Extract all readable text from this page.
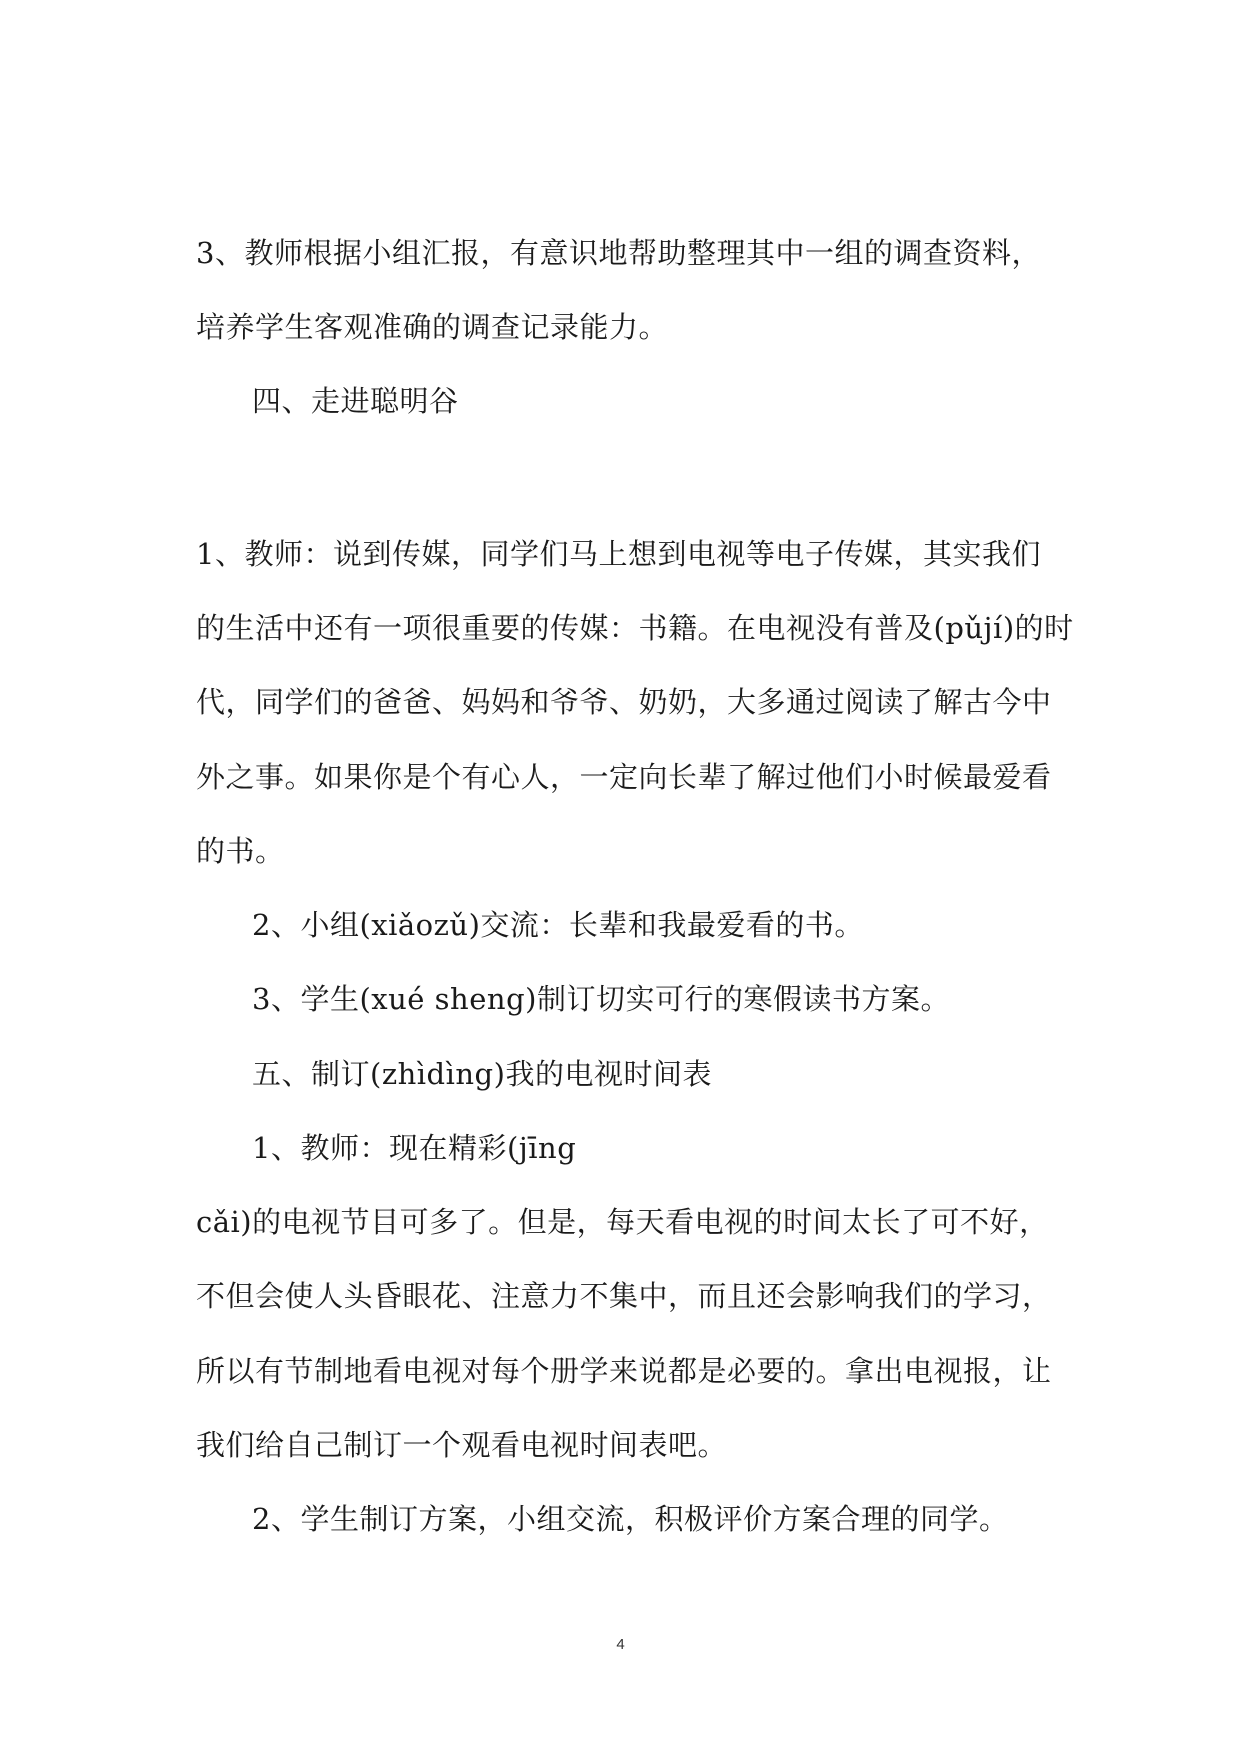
3、教师根据小组汇报，有意识地帮助整理其中一组的调查资料，
培养学生客观准确的调查记录能力。
四、走进聪明谷
1、教师：说到传媒，同学们马上想到电视等电子传媒，其实我们
的生活中还有一项很重要的传媒：书籍。在电视没有普及(pǔjí)的时
代，同学们的爸爸、妈妈和爷爷、奶奶，大多通过阅读了解古今中
外之事。如果你是个有心人，一定向长辈了解过他们小时候最爱看
的书。
2、小组(xiǎozǔ)交流：长辈和我最爱看的书。
3、学生(xué sheng)制订切实可行的寒假读书方案。
五、制订(zhìdìng)我的电视时间表
1、教师：现在精彩(jīng
cǎi)的电视节目可多了。但是，每天看电视的时间太长了可不好，
不但会使人头昏眼花、注意力不集中，而且还会影响我们的学习，
所以有节制地看电视对每个册学来说都是必要的。拿出电视报，让
我们给自己制订一个观看电视时间表吧。
2、学生制订方案，小组交流，积极评价方案合理的同学。
4
